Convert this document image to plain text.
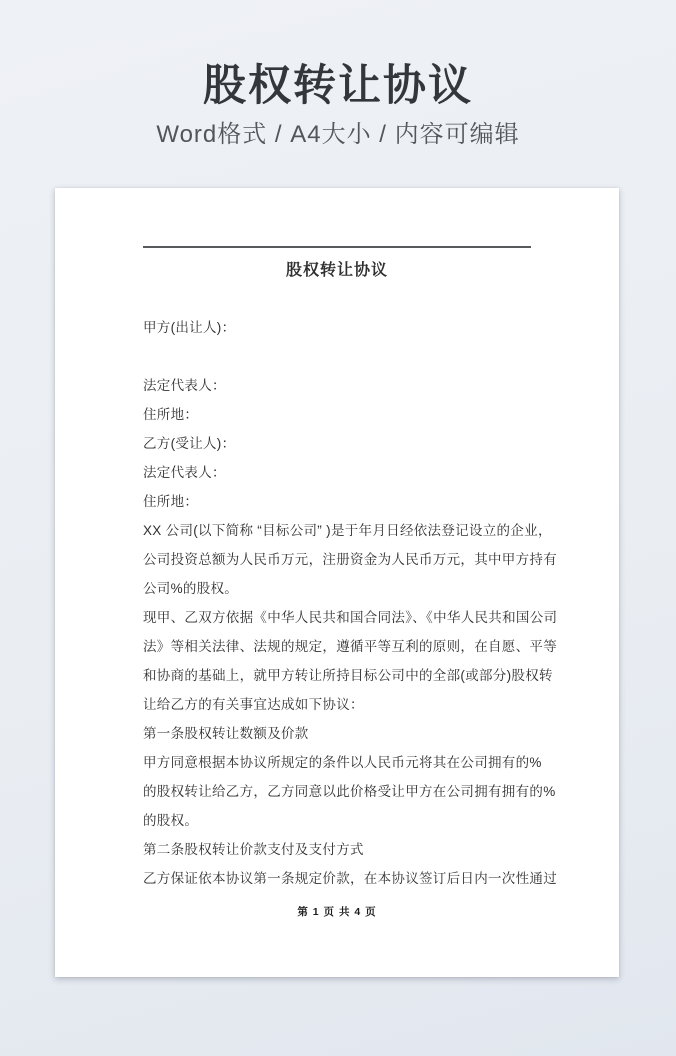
股权转让协议
Word格式 / A4大小 / 内容可编辑
股权转让协议
甲方(出让人)：

法定代表人：
住所地：
乙方(受让人)：
法定代表人：
住所地：
XX 公司(以下简称 “目标公司” )是于年月日经依法登记设立的企业，
公司投资总额为人民币万元，注册资金为人民币万元，其中甲方持有
公司%的股权。
现甲、乙双方依据《中华人民共和国合同法》、《中华人民共和国公司
法》等相关法律、法规的规定，遵循平等互利的原则，在自愿、平等
和协商的基础上，就甲方转让所持目标公司中的全部(或部分)股权转
让给乙方的有关事宜达成如下协议：
第一条股权转让数额及价款
甲方同意根据本协议所规定的条件以人民币元将其在公司拥有的%
的股权转让给乙方，乙方同意以此价格受让甲方在公司拥有拥有的%
的股权。
第二条股权转让价款支付及支付方式
乙方保证依本协议第一条规定价款，在本协议签订后日内一次性通过
第 1 页 共 4 页
